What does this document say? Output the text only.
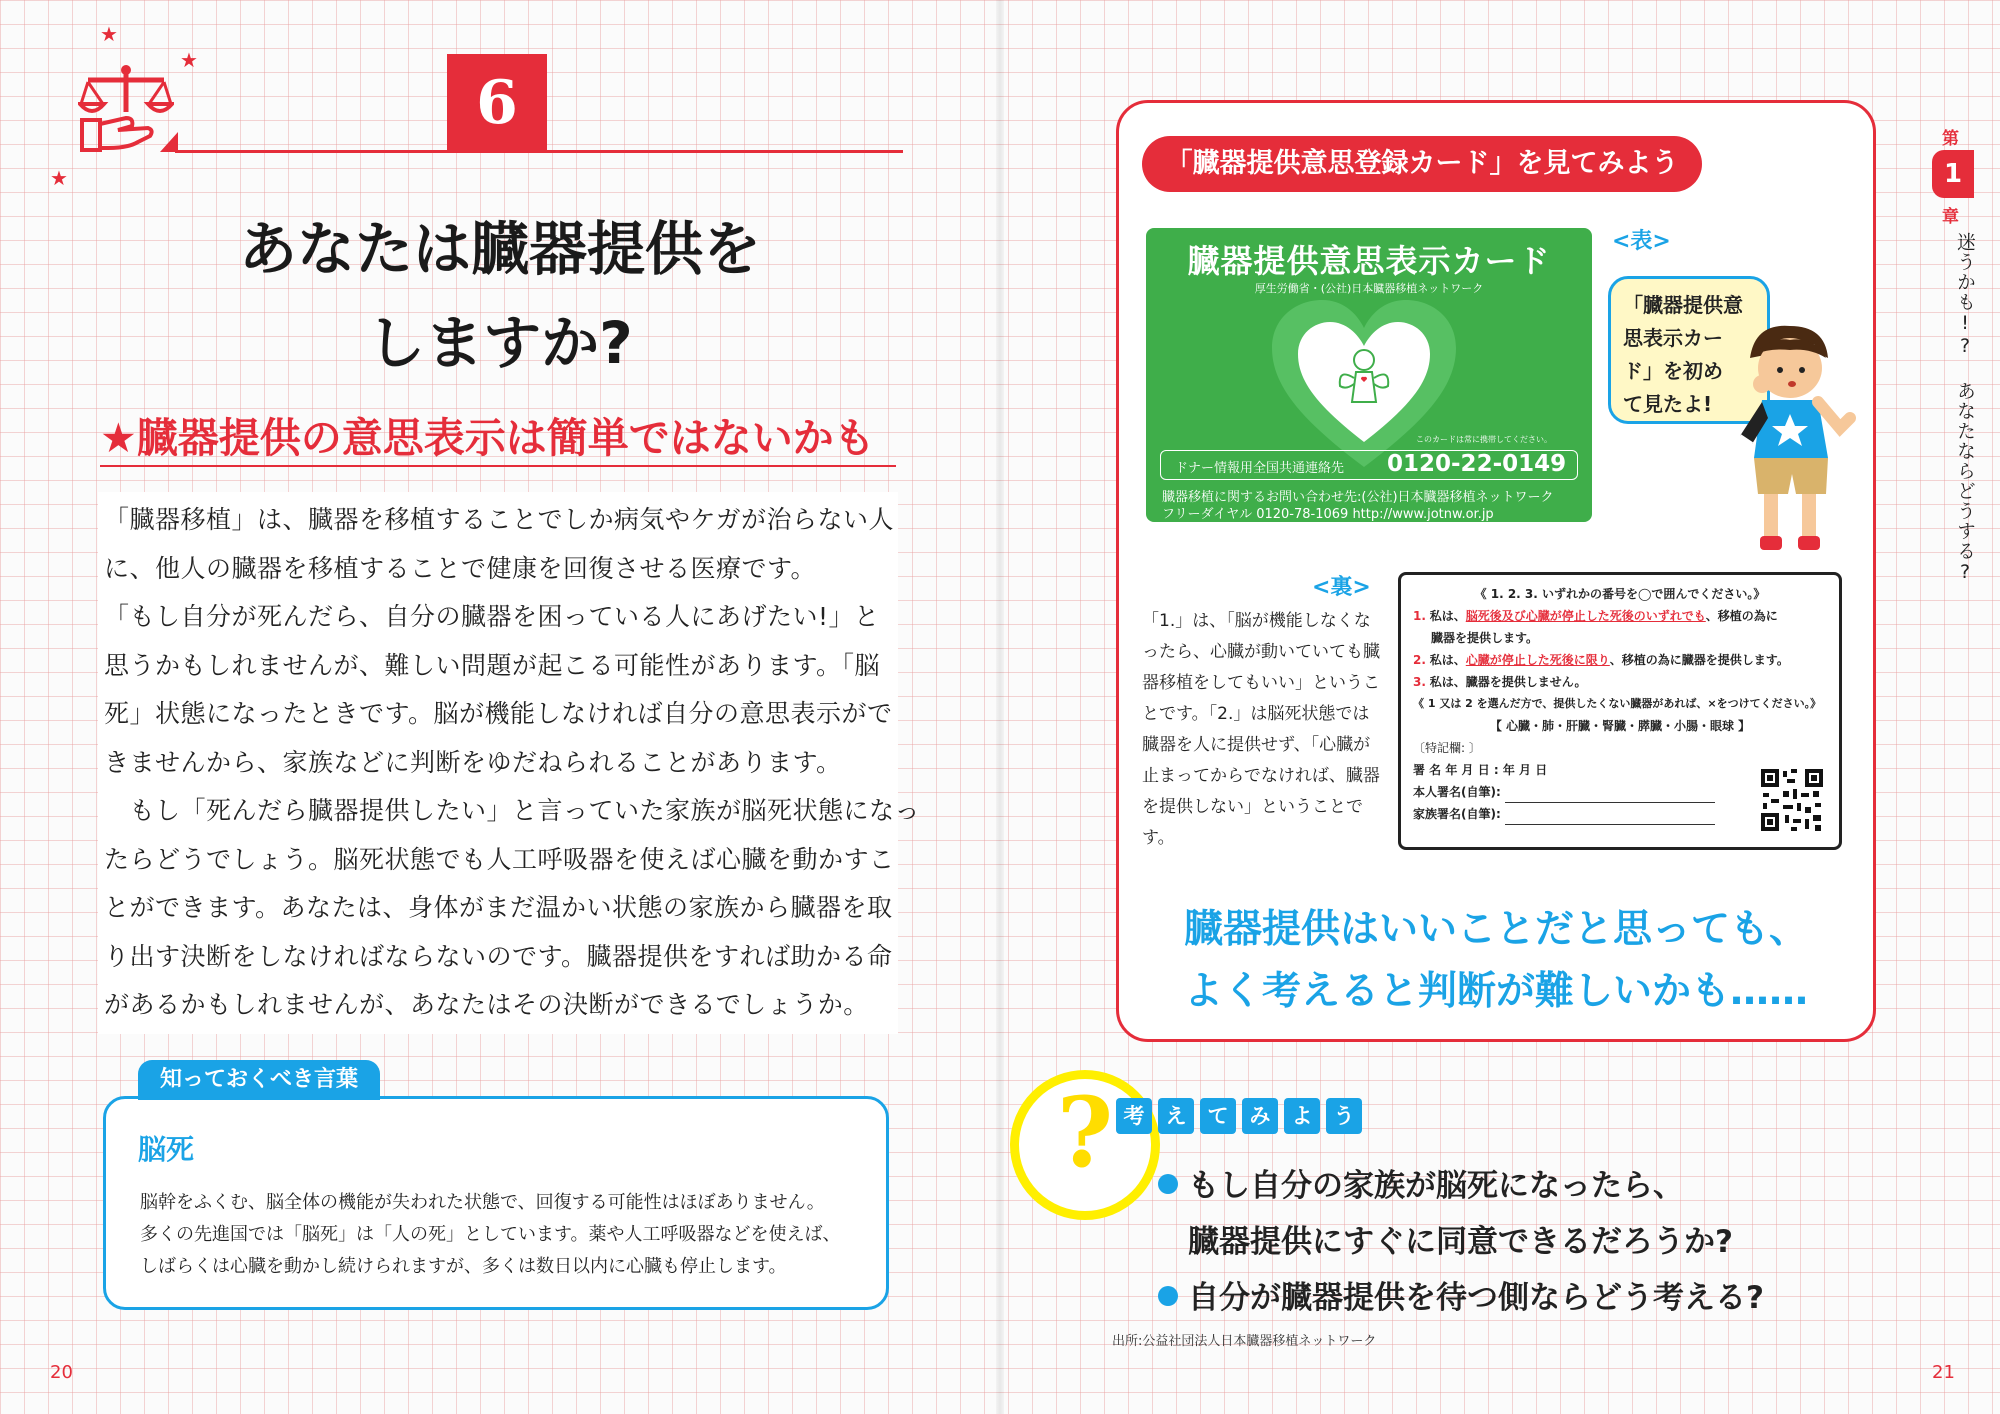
★
★
★
6
あなたは臓器提供を
しますか?
★臓器提供の意思表示は簡単ではないかも

「臓器移植」は、臓器を移植することでしか病気やケガが治らない人

に、他人の臓器を移植することで健康を回復させる医療です。

「もし自分が死んだら、自分の臓器を困っている人にあげたい!」と

思うかもしれませんが、難しい問題が起こる可能性があります。「脳

死」状態になったときです。脳が機能しなければ自分の意思表示がで

きませんから、家族などに判断をゆだねられることがあります。

　もし「死んだら臓器提供したい」と言っていた家族が脳死状態になっ

たらどうでしょう。脳死状態でも人工呼吸器を使えば心臓を動かすこ

とができます。あなたは、身体がまだ温かい状態の家族から臓器を取

り出す決断をしなければならないのです。臓器提供をすれば助かる命

があるかもしれませんが、あなたはその決断ができるでしょうか。

知っておくべき言葉
脳死
脳幹をふくむ、脳全体の機能が失われた状態で、回復する可能性はほぼありません。
多くの先進国では「脳死」は「人の死」としています。薬や人工呼吸器などを使えば、
しばらくは心臓を動かし続けられますが、多くは数日以内に心臓も停止します。
20
「臓器提供意思登録カード」を見てみよう
臓器提供意思表示カード
厚生労働省・(公社)日本臓器移植ネットワーク
このカードは常に携帯してください。
ドナー情報用全国共通連絡先 0120-22-0149
臓器移植に関するお問い合わせ先:(公社)日本臓器移植ネットワーク
フリーダイヤル 0120-78-1069 http://www.jotnw.or.jp
<表>
「臓器提供意
思表示カー
ド」を初め
て見たよ!
<裏>
「1.」は、「脳が機能しなくなったら、心臓が動いていても臓器移植をしてもいい」ということです。「2.」は脳死状態では臓器を人に提供せず、「心臓が止まってからでなければ、臓器を提供しない」ということです。
《 1. 2. 3. いずれかの番号を◯で囲んでください。》
1. 私は、脳死後及び心臓が停止した死後のいずれでも、移植の為に
臓器を提供します。
2. 私は、心臓が停止した死後に限り、移植の為に臓器を提供します。
3. 私は、臓器を提供しません。
《 1 又は 2 を選んだ方で、提供したくない臓器があれば、×をつけてください。》
【 心臓・肺・肝臓・腎臓・膵臓・小腸・眼球 】
〔特記欄: 〕
署 名 年 月 日 : 年 月 日
本人署名(自筆):
家族署名(自筆):
臓器提供はいいことだと思っても、
よく考えると判断が難しいかも……
? 考	え	て	み	よ	う
もし自分の家族が脳死になったら、
臓器提供にすぐに同意できるだろうか?
自分が臓器提供を待つ側ならどう考える?
出所:公益社団法人日本臓器移植ネットワーク
21
第
1
章
迷うかも!? あなたならどうする?
